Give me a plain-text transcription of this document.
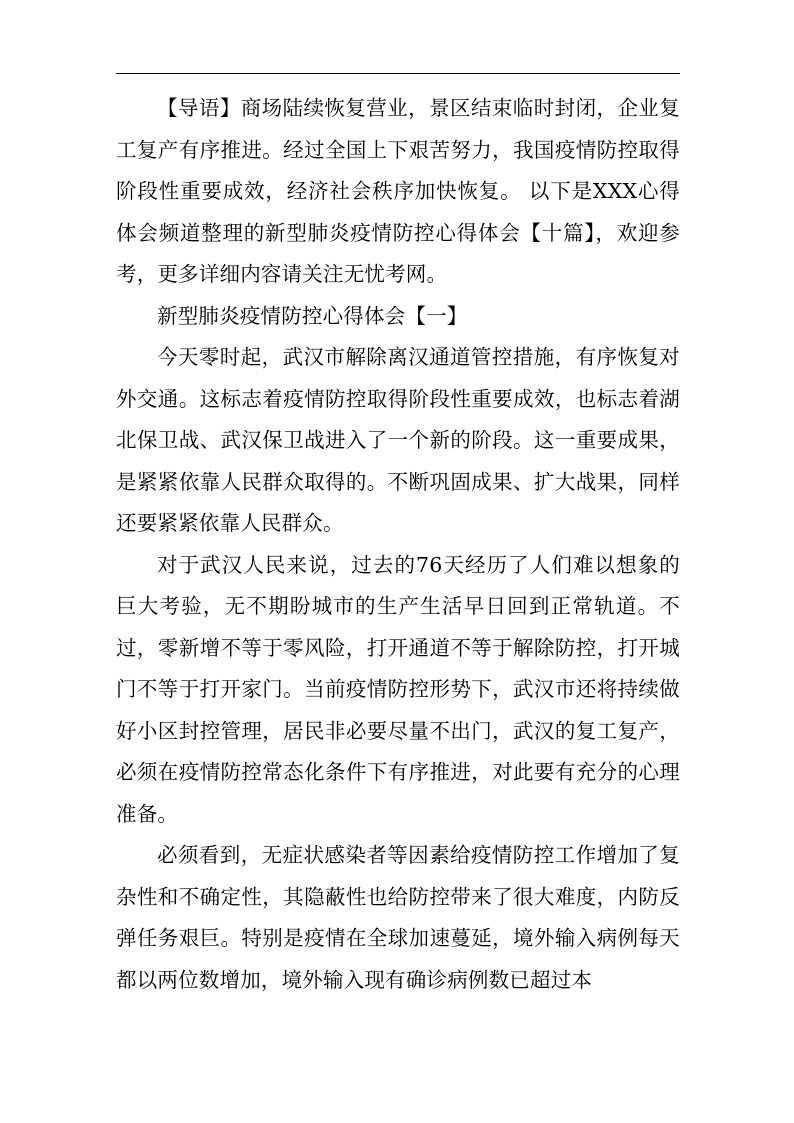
【导语】商场陆续恢复营业，景区结束临时封闭，企业复工复产有序推进。经过全国上下艰苦努力，我国疫情防控取得阶段性重要成效，经济社会秩序加快恢复。 以下是XXX心得体会频道整理的新型肺炎疫情防控心得体会【十篇】，欢迎参考，更多详细内容请关注无忧考网。

新型肺炎疫情防控心得体会【一】

今天零时起，武汉市解除离汉通道管控措施，有序恢复对外交通。这标志着疫情防控取得阶段性重要成效，也标志着湖北保卫战、武汉保卫战进入了一个新的阶段。这一重要成果，是紧紧依靠人民群众取得的。不断巩固成果、扩大战果，同样还要紧紧依靠人民群众。

对于武汉人民来说，过去的76天经历了人们难以想象的巨大考验，无不期盼城市的生产生活早日回到正常轨道。不过，零新增不等于零风险，打开通道不等于解除防控，打开城门不等于打开家门。当前疫情防控形势下，武汉市还将持续做好小区封控管理，居民非必要尽量不出门，武汉的复工复产，必须在疫情防控常态化条件下有序推进，对此要有充分的心理准备。

必须看到，无症状感染者等因素给疫情防控工作增加了复杂性和不确定性，其隐蔽性也给防控带来了很大难度，内防反弹任务艰巨。特别是疫情在全球加速蔓延，境外输入病例每天都以两位数增加，境外输入现有确诊病例数已超过本
